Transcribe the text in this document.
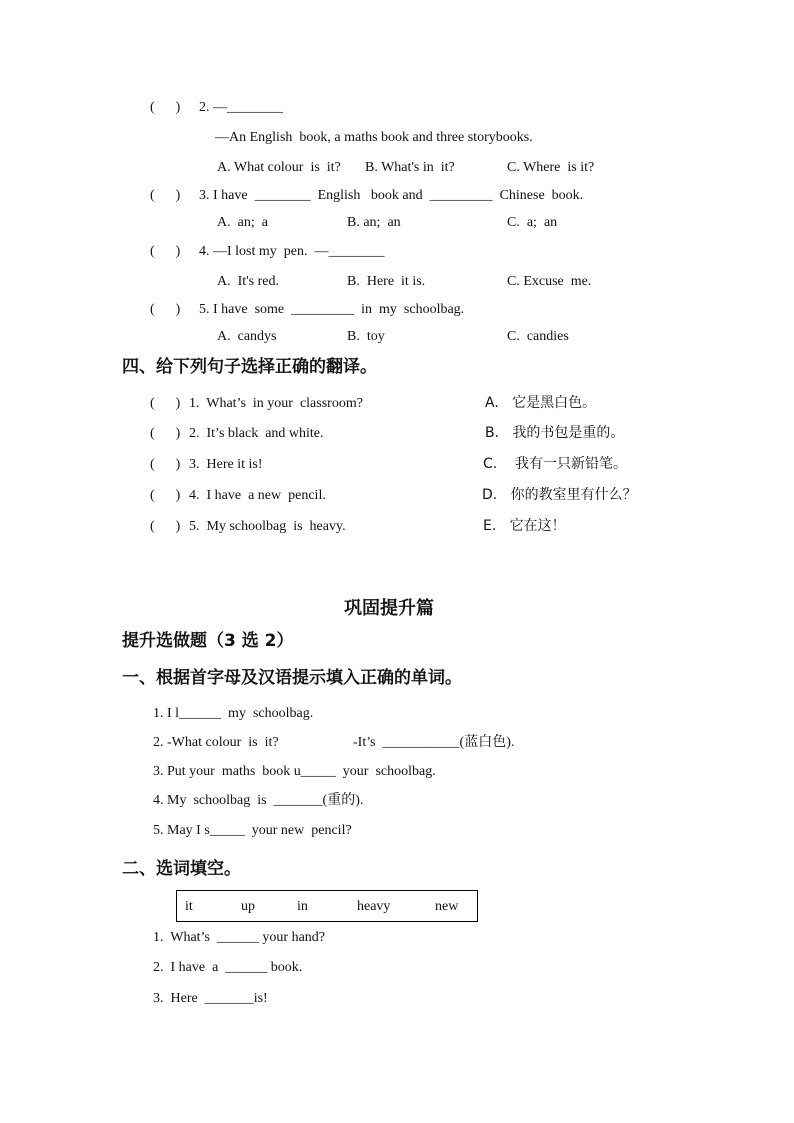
(      ) 2. —________
—An English  book, a maths book and three storybooks.
A. What colour  is  it? B. What's in  it?	C. Where  is it?
(      ) 3. I have  ________  English   book and  _________  Chinese  book.
A.  an;  a	B. an;  an	C.  a;  an
(      ) 4. —I lost my  pen.  —________
A.  It's red.	B.  Here  it is.	C. Excuse  me.
(      ) 5. I have  some  _________  in  my  schoolbag.
A.  candys	B.  toy	C.  candies
四、给下列句子选择正确的翻译。
(      ) 1.  What’s  in your  classroom?	A.   它是黑白色。
(      ) 2.  It’s black  and white.	B.   我的书包是重的。
(      ) 3.  Here it is!	C.    我有一只新铅笔。
(      ) 4.  I have  a new  pencil.	D.   你的教室里有什么？
(      ) 5.  My schoolbag  is  heavy.	E.   它在这！
巩固提升篇
提升选做题（3 选 2）
一、根据首字母及汉语提示填入正确的单词。
1. I l______  my  schoolbag.
2. -What colour  is  it?	-It’s  ___________(蓝白色).
3. Put your  maths  book u_____  your  schoolbag.
4. My  schoolbag  is  _______(重的).
5. May I s_____  your new  pencil?
二、选词填空。
it	up	in	heavy	new
1.  What’s  ______ your hand?
2.  I have  a  ______ book.
3.  Here  _______is!
